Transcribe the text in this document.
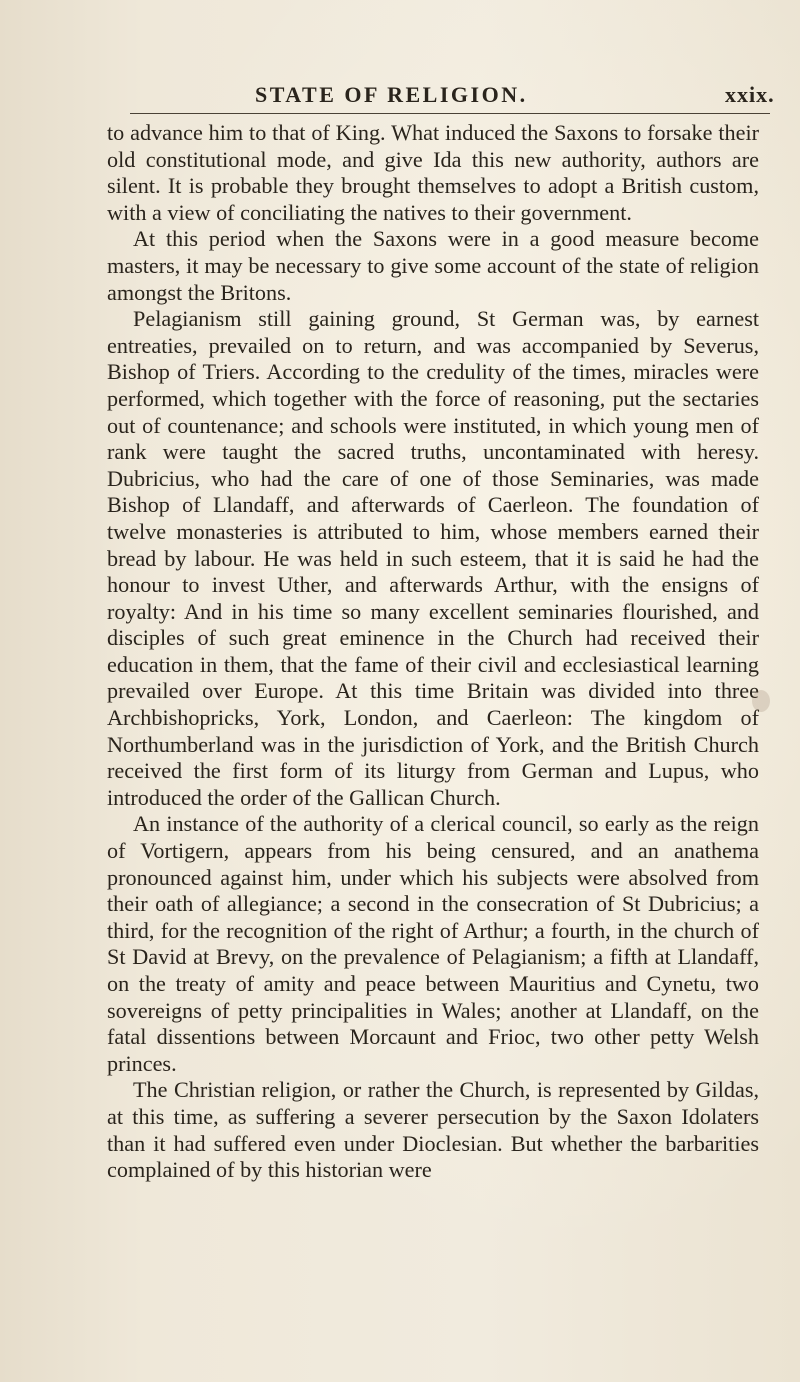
STATE OF RELIGION.	xxix.

to advance him to that of King. What induced the Saxons to forsake their old constitutional mode, and give Ida this new authority, authors are silent. It is probable they brought themselves to adopt a British custom, with a view of conciliating the natives to their government.

At this period when the Saxons were in a good measure become masters, it may be necessary to give some account of the state of religion amongst the Britons.

Pelagianism still gaining ground, St German was, by earnest entreaties, prevailed on to return, and was accompanied by Severus, Bishop of Triers. According to the credulity of the times, miracles were performed, which together with the force of reasoning, put the sectaries out of countenance; and schools were instituted, in which young men of rank were taught the sacred truths, uncontaminated with heresy. Dubricius, who had the care of one of those Seminaries, was made Bishop of Llandaff, and afterwards of Caerleon. The foundation of twelve monasteries is attributed to him, whose members earned their bread by labour. He was held in such esteem, that it is said he had the honour to invest Uther, and afterwards Arthur, with the ensigns of royalty: And in his time so many excellent seminaries flourished, and disciples of such great eminence in the Church had received their education in them, that the fame of their civil and ecclesiastical learning prevailed over Europe. At this time Britain was divided into three Archbishopricks, York, London, and Caerleon: The kingdom of Northumberland was in the jurisdiction of York, and the British Church received the first form of its liturgy from German and Lupus, who introduced the order of the Gallican Church.

An instance of the authority of a clerical council, so early as the reign of Vortigern, appears from his being censured, and an anathema pronounced against him, under which his subjects were absolved from their oath of allegiance; a second in the consecration of St Dubricius; a third, for the recognition of the right of Arthur; a fourth, in the church of St David at Brevy, on the prevalence of Pelagianism; a fifth at Llandaff, on the treaty of amity and peace between Mauritius and Cynetu, two sovereigns of petty principalities in Wales; another at Llandaff, on the fatal dissentions between Morcaunt and Frioc, two other petty Welsh princes.

The Christian religion, or rather the Church, is represented by Gildas, at this time, as suffering a severer persecution by the Saxon Idolaters than it had suffered even under Dioclesian. But whether the barbarities complained of by this historian were
